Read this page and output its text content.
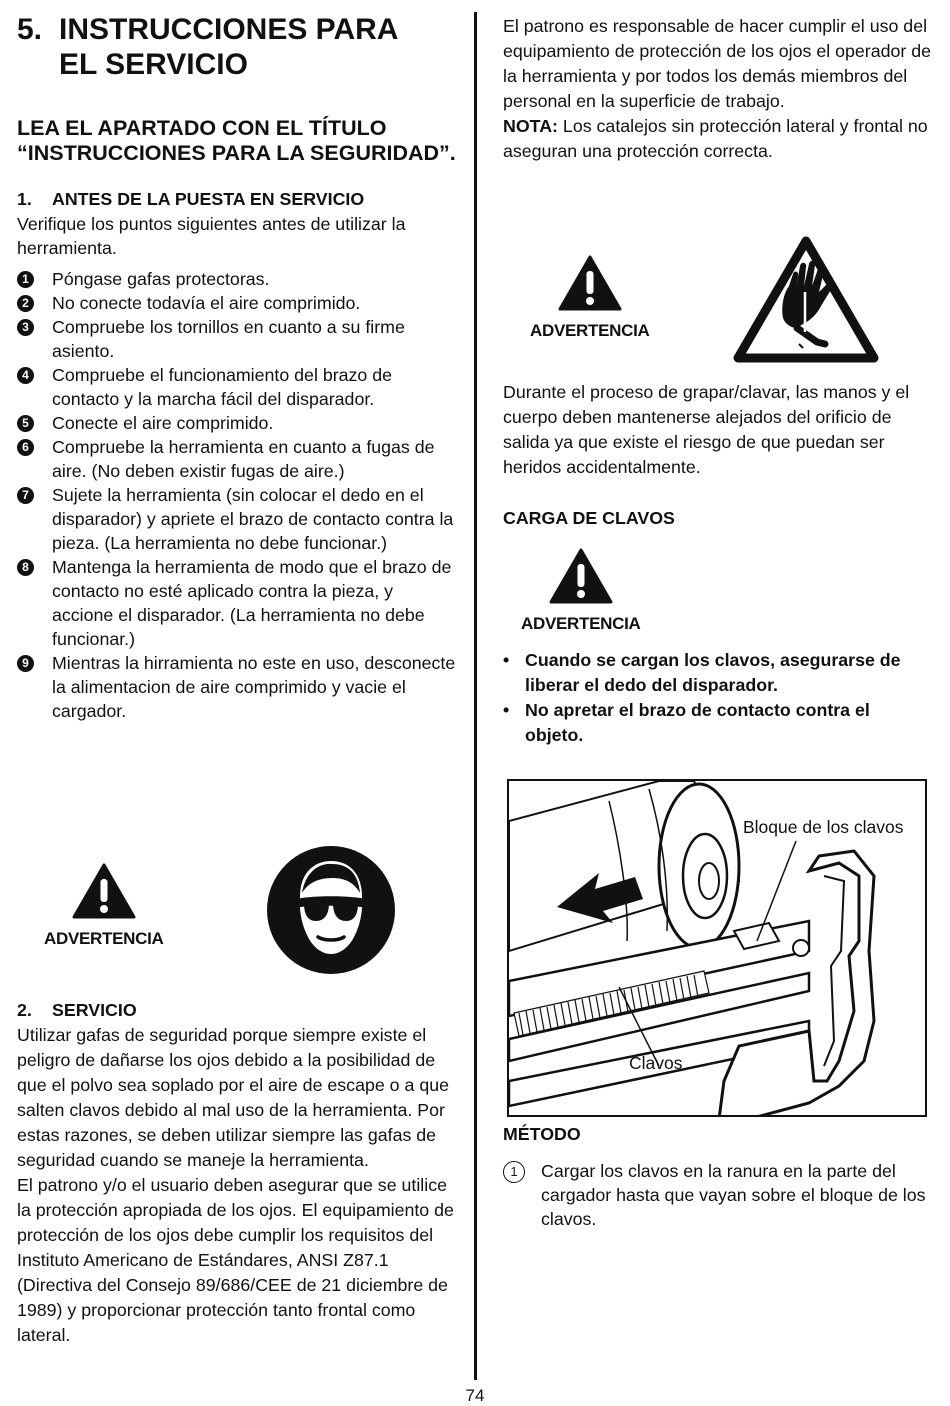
5. INSTRUCCIONES PARA
EL SERVICIO
LEA EL APARTADO CON EL TÍTULO “INSTRUCCIONES PARA LA SEGURIDAD”.

1. ANTES DE LA PUESTA EN SERVICIO

Verifique los puntos siguientes antes de utilizar la herramienta.

1 Póngase gafas protectoras.
2 No conecte todavía el aire comprimido.
3 Compruebe los tornillos en cuanto a su firme asiento.
4 Compruebe el funcionamiento del brazo de contacto y la marcha fácil del disparador.
5 Conecte el aire comprimido.
6 Compruebe la herramienta en cuanto a fugas de aire. (No deben existir fugas de aire.)
7 Sujete la herramienta (sin colocar el dedo en el disparador) y apriete el brazo de contacto contra la pieza. (La herramienta no debe funcionar.)
8 Mantenga la herramienta de modo que el brazo de contacto no esté aplicado contra la pieza, y accione el disparador. (La herramienta no debe funcionar.)
9 Mientras la hirramienta no este en uso, desconecte la alimentacion de aire comprimido y vacie el cargador.
ADVERTENCIA

2. SERVICIO

Utilizar gafas de seguridad porque siempre existe el peligro de dañarse los ojos debido a la posibilidad de que el polvo sea soplado por el aire de escape o a que salten clavos debido al mal uso de la herramienta. Por estas razones, se deben utilizar siempre las gafas de seguridad cuando se maneje la herramienta.

El patrono y/o el usuario deben asegurar que se utilice la protección apropiada de los ojos. El equipamiento de protección de los ojos debe cumplir los requisitos del Instituto Americano de Estándares, ANSI Z87.1 (Directiva del Consejo 89/686/CEE de 21 diciembre de 1989) y proporcionar protección tanto frontal como lateral.

El patrono es responsable de hacer cumplir el uso del equipamiento de protección de los ojos el operador de la herramienta y por todos los demás miembros del personal en la superficie de trabajo.

NOTA: Los catalejos sin protección lateral y frontal no aseguran una protección correcta.

ADVERTENCIA

Durante el proceso de grapar/clavar, las manos y el cuerpo deben mantenerse alejados del orificio de salida ya que existe el riesgo de que puedan ser heridos accidentalmente.

CARGA DE CLAVOS

ADVERTENCIA
• Cuando se cargan los clavos, asegurarse de liberar el dedo del disparador.
• No apretar el brazo de contacto contra el objeto.
Bloque de los clavos
Clavos

MÉTODO

1	Cargar los clavos en la ranura en la parte del cargador hasta que vayan sobre el bloque de los clavos.
74
